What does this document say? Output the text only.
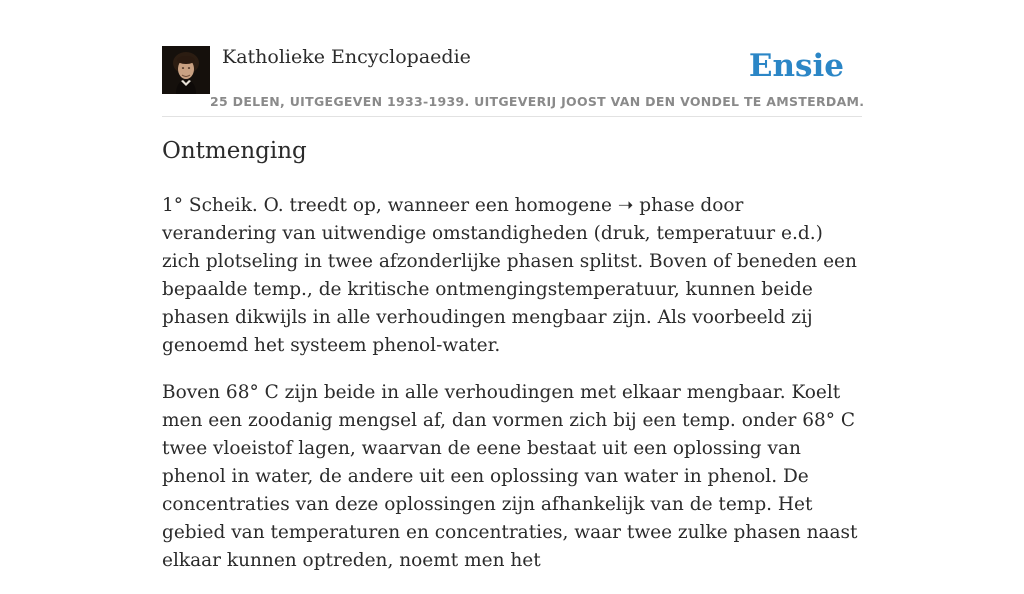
Katholieke Encyclopaedie
25 DELEN, UITGEGEVEN 1933-1939. UITGEVERIJ JOOST VAN DEN VONDEL TE AMSTERDAM.
Ensie
Ontmenging

1° Scheik. O. treedt op, wanneer een homogene ➝ phase door verandering van uitwendige omstandigheden (druk, temperatuur e.d.) zich plotseling in twee afzonderlijke phasen splitst. Boven of beneden een bepaalde temp., de kritische ontmengingstemperatuur, kunnen beide phasen dikwijls in alle verhoudingen mengbaar zijn. Als voorbeeld zij genoemd het systeem phenol-water.

Boven 68° C zijn beide in alle verhoudingen met elkaar mengbaar. Koelt men een zoodanig mengsel af, dan vormen zich bij een temp. onder 68° C twee vloeistof lagen, waarvan de eene bestaat uit een oplossing van phenol in water, de andere uit een oplossing van water in phenol. De concentraties van deze oplossingen zijn afhankelijk van de temp. Het gebied van temperaturen en concentraties, waar twee zulke phasen naast elkaar kunnen optreden, noemt men het
